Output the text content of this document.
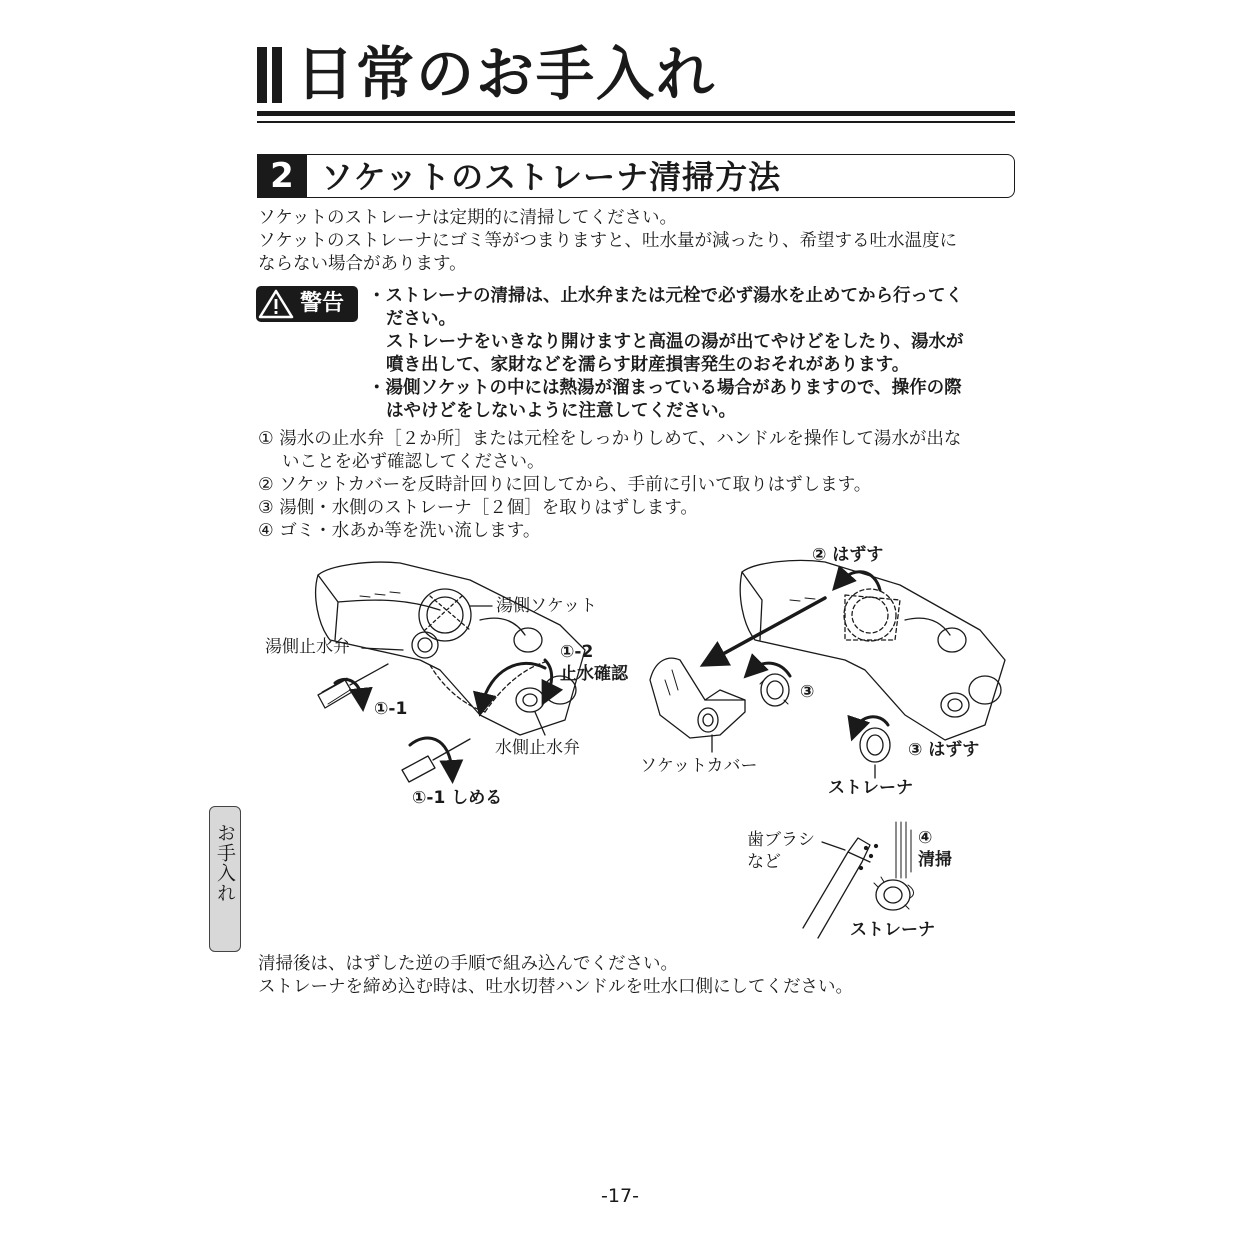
日常のお手入れ
2 ソケットのストレーナ清掃方法
ソケットのストレーナは定期的に清掃してください。
ソケットのストレーナにゴミ等がつまりますと、吐水量が減ったり、希望する吐水温度に
ならない場合があります。
警告 ・ストレーナの清掃は、止水弁または元栓で必ず湯水を止めてから行ってく
ださい。
ストレーナをいきなり開けますと高温の湯が出てやけどをしたり、湯水が
噴き出して、家財などを濡らす財産損害発生のおそれがあります。
・湯側ソケットの中には熱湯が溜まっている場合がありますので、操作の際
はやけどをしないように注意してください。
① 湯水の止水弁［２か所］または元栓をしっかりしめて、ハンドルを操作して湯水が出な
いことを必ず確認してください。
② ソケットカバーを反時計回りに回してから、手前に引いて取りはずします。
③ 湯側・水側のストレーナ［２個］を取りはずします。
④ ゴミ・水あか等を洗い流します。
湯側ソケット
湯側止水弁
①-1
①-2
止水確認
水側止水弁
①-1 しめる
② はずす
③
③ はずす
ソケットカバー
ストレーナ
歯ブラシ
など
④
清掃
ストレーナ
お手入れ
清掃後は、はずした逆の手順で組み込んでください。
ストレーナを締め込む時は、吐水切替ハンドルを吐水口側にしてください。
-17-
